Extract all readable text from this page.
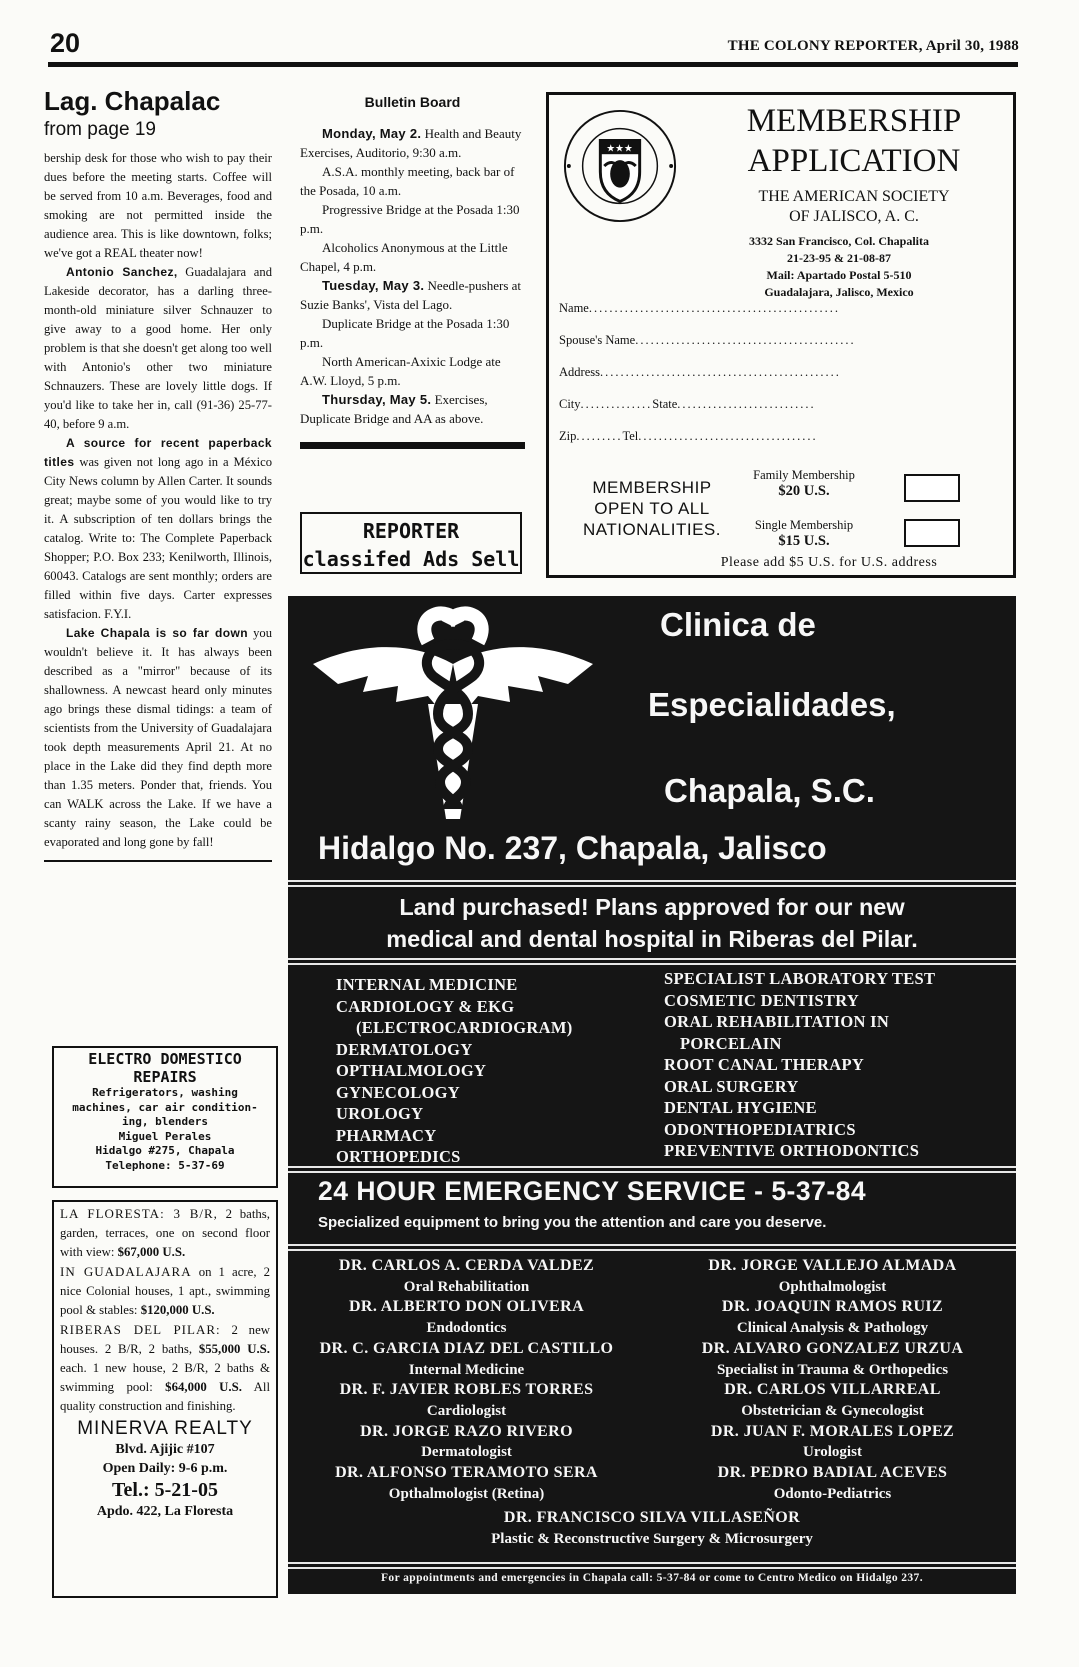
20	THE COLONY REPORTER, April 30, 1988
Lag. Chapalac
from page 19

bership desk for those who wish to pay their dues before the meeting starts. Coffee will be served from 10 a.m. Beverages, food and smoking are not permitted inside the audience area. This is like downtown, folks; we've got a REAL theater now!

Antonio Sanchez, Guadalajara and Lakeside decorator, has a darling three-month-old miniature silver Schnauzer to give away to a good home. Her only problem is that she doesn't get along too well with Antonio's other two miniature Schnauzers. These are lovely little dogs. If you'd like to take her in, call (91-36) 25-77-40, before 9 a.m.

A source for recent paperback titles was given not long ago in a México City News column by Allen Carter. It sounds great; maybe some of you would like to try it. A subscription of ten dollars brings the catalog. Write to: The Complete Paperback Shopper; P.O. Box 233; Kenilworth, Illinois, 60043. Catalogs are sent monthly; orders are filled within five days. Carter expresses satisfacion. F.Y.I.

Lake Chapala is so far down you wouldn't believe it. It has always been described as a "mirror" because of its shallowness. A newcast heard only minutes ago brings these dismal tidings: a team of scientists from the University of Guadalajara took depth measurements April 21. At no place in the Lake did they find depth more than 1.35 meters. Ponder that, friends. You can WALK across the Lake. If we have a scanty rainy season, the Lake could be evaporated and long gone by fall!

Bulletin Board

Monday, May 2. Health and Beauty Exercises, Auditorio, 9:30 a.m.

A.S.A. monthly meeting, back bar of the Posada, 10 a.m.

Progressive Bridge at the Posada 1:30 p.m.

Alcoholics Anonymous at the Little Chapel, 4 p.m.

Tuesday, May 3. Needle-pushers at Suzie Banks', Vista del Lago.

Duplicate Bridge at the Posada 1:30 p.m.

North American-Axixic Lodge ate A.W. Lloyd, 5 p.m.

Thursday, May 5. Exercises, Duplicate Bridge and AA as above.

REPORTER
classifed Ads Sell
★★★
MEMBERSHIP
APPLICATION
THE AMERICAN SOCIETY
OF JALISCO, A. C.
3332 San Francisco, Col. Chapalita
21-23-95 & 21-08-87
Mail: Apartado Postal 5-510
Guadalajara, Jalisco, Mexico
Name.................................................
Spouse's Name...........................................
Address...............................................
City..............State...........................
Zip.........Tel...................................
MEMBERSHIP
OPEN TO ALL
NATIONALITIES.
Family Membership
$20 U.S.
Single Membership
$15 U.S.
Please add $5 U.S. for U.S. address
Clinica de
Especialidades,
Chapala, S.C.
Hidalgo No. 237, Chapala, Jalisco
Land purchased! Plans approved for our new
medical and dental hospital in Riberas del Pilar.
INTERNAL MEDICINE
CARDIOLOGY & EKG
(ELECTROCARDIOGRAM)
DERMATOLOGY
OPTHALMOLOGY
GYNECOLOGY
UROLOGY
PHARMACY
ORTHOPEDICS
SPECIALIST LABORATORY TEST
COSMETIC DENTISTRY
ORAL REHABILITATION IN
PORCELAIN
ROOT CANAL THERAPY
ORAL SURGERY
DENTAL HYGIENE
ODONTHOPEDIATRICS
PREVENTIVE ORTHODONTICS
24 HOUR EMERGENCY SERVICE - 5-37-84
Specialized equipment to bring you the attention and care you deserve.
DR. CARLOS A. CERDA VALDEZ
Oral Rehabilitation
DR. ALBERTO DON OLIVERA
Endodontics
DR. C. GARCIA DIAZ DEL CASTILLO
Internal Medicine
DR. F. JAVIER ROBLES TORRES
Cardiologist
DR. JORGE RAZO RIVERO
Dermatologist
DR. ALFONSO TERAMOTO SERA
Opthalmologist (Retina)
DR. JORGE VALLEJO ALMADA
Ophthalmologist
DR. JOAQUIN RAMOS RUIZ
Clinical Analysis & Pathology
DR. ALVARO GONZALEZ URZUA
Specialist in Trauma & Orthopedics
DR. CARLOS VILLARREAL
Obstetrician & Gynecologist
DR. JUAN F. MORALES LOPEZ
Urologist
DR. PEDRO BADIAL ACEVES
Odonto-Pediatrics
DR. FRANCISCO SILVA VILLASEÑOR
Plastic & Reconstructive Surgery & Microsurgery
For appointments and emergencies in Chapala call: 5-37-84 or come to Centro Medico on Hidalgo 237.
ELECTRO DOMESTICO
REPAIRS
Refrigerators, washing
machines, car air condition-
ing, blenders
Miguel Perales
Hidalgo #275, Chapala
Telephone: 5-37-69

LA FLORESTA: 3 B/R, 2 baths, garden, terraces, one on second floor with view: $67,000 U.S.

IN GUADALAJARA on 1 acre, 2 nice Colonial houses, 1 apt., swimming pool & stables: $120,000 U.S.

RIBERAS DEL PILAR: 2 new houses. 2 B/R, 2 baths, $55,000 U.S. each. 1 new house, 2 B/R, 2 baths & swimming pool: $64,000 U.S. All quality construction and finishing.

MINERVA REALTY
Blvd. Ajijic #107
Open Daily: 9-6 p.m.
Tel.: 5-21-05
Apdo. 422, La Floresta
